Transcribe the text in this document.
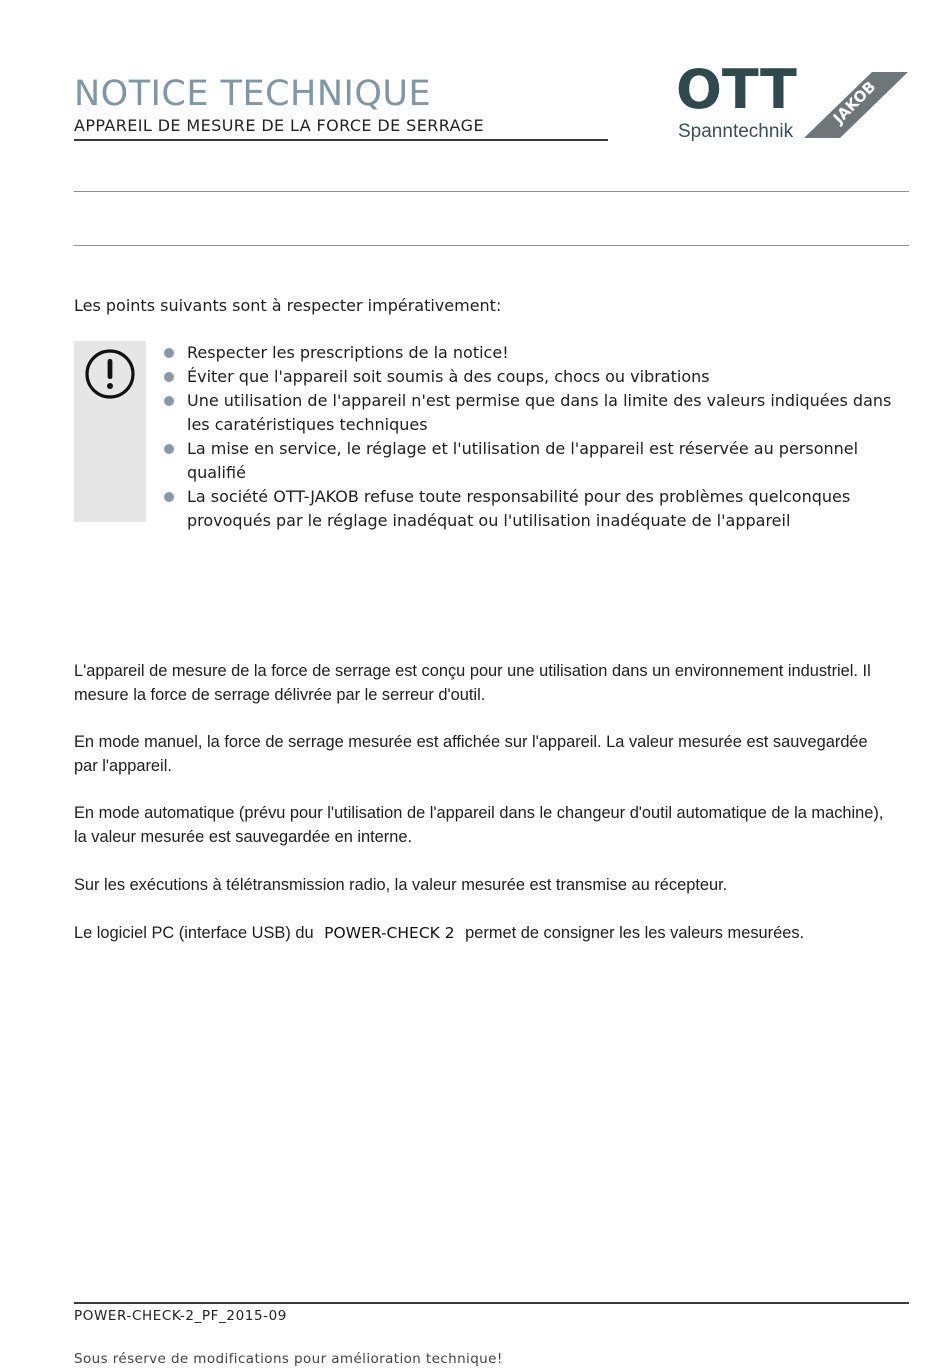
NOTICE TECHNIQUE
APPAREIL DE MESURE DE LA FORCE DE SERRAGE	JAKOB
OTT
Spanntechnik
Les points suivants sont à respecter impérativement:
Respecter les prescriptions de la notice!
Éviter que l'appareil soit soumis à des coups, chocs ou vibrations
Une utilisation de l'appareil n'est permise que dans la limite des valeurs indiquées dans les caratéristiques techniques
La mise en service, le réglage et l'utilisation de l'appareil est réservée au personnel qualifié
La société OTT-JAKOB refuse toute responsabilité pour des problèmes quelconques provoqués par le réglage inadéquat ou l'utilisation inadéquate de l'appareil
L'appareil de mesure de la force de serrage est conçu pour une utilisation dans un environnement industriel. Il mesure la force de serrage délivrée par le serreur d'outil.
En mode manuel, la force de serrage mesurée est affichée sur l'appareil. La valeur mesurée est sauvegardée par l'appareil.
En mode automatique (prévu pour l'utilisation de l'appareil dans le changeur d'outil automatique de la machine), la valeur mesurée est sauvegardée en interne.
Sur les exécutions à télétransmission radio, la valeur mesurée est transmise au récepteur.
Le logiciel PC (interface USB) du POWER-CHECK 2 permet de consigner les les valeurs mesurées.
POWER-CHECK-2_PF_2015-09
Sous réserve de modifications pour amélioration technique!
